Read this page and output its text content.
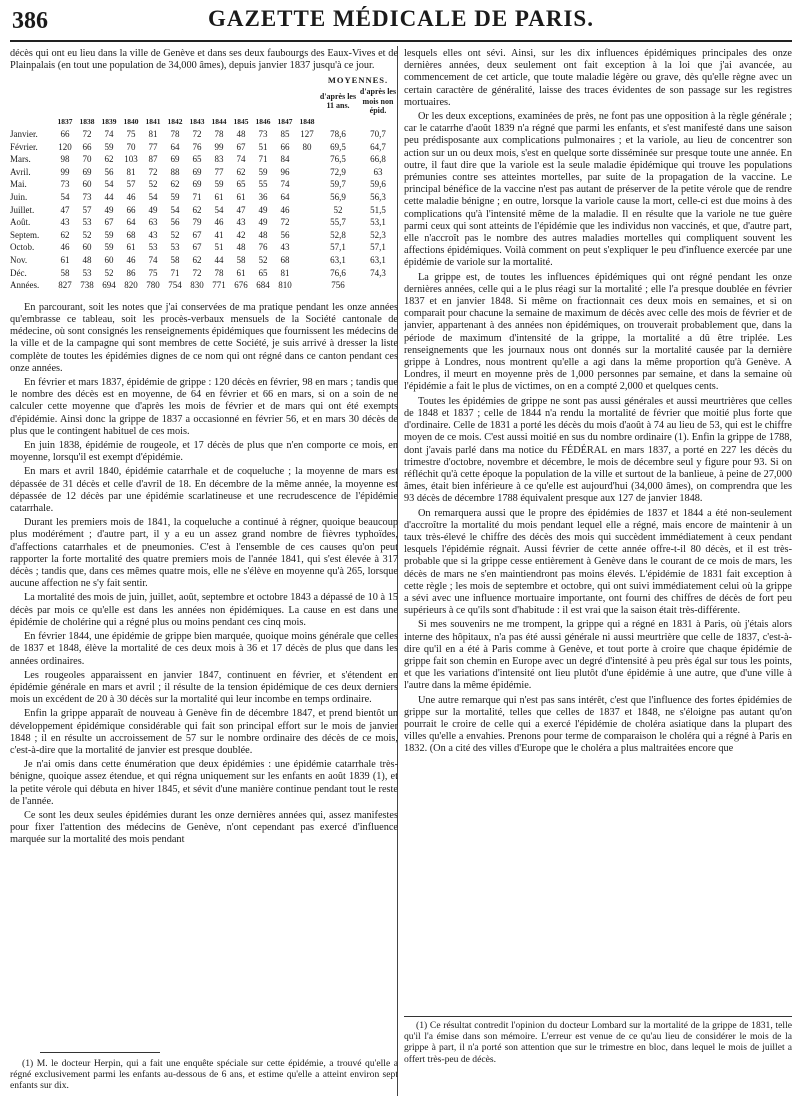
386	GAZETTE MÉDICALE DE PARIS.

décès qui ont eu lieu dans la ville de Genève et dans ses deux faubourgs des Eaux-Vives et de Plainpalais (en tout une population de 34,000 âmes), depuis janvier 1837 jusqu'à ce jour.

													MOYENNES.	
													d'après les 11 ans.	d'après les mois non épid.
	1837	1838	1839	1840	1841	1842	1843	1844	1845	1846	1847	1848		
Janvier.	66	72	74	75	81	78	72	78	48	73	85	127	78,6	70,7
Février.	120	66	59	70	77	64	76	99	67	51	66	80	69,5	64,7
Mars.	98	70	62	103	87	69	65	83	74	71	84		76,5	66,8
Avril.	99	69	56	81	72	88	69	77	62	59	96		72,9	63
Mai.	73	60	54	57	52	62	69	59	65	55	74		59,7	59,6
Juin.	54	73	44	46	54	59	71	61	61	36	64		56,9	56,3
Juillet.	47	57	49	66	49	54	62	54	47	49	46		52	51,5
Août.	43	53	67	64	63	56	79	46	43	49	72		55,7	53,1
Septem.	62	52	59	68	43	52	67	41	42	48	56		52,8	52,3
Octob.	46	60	59	61	53	53	67	51	48	76	43		57,1	57,1
Nov.	61	48	60	46	74	58	62	44	58	52	68		63,1	63,1
Déc.	58	53	52	86	75	71	72	78	61	65	81		76,6	74,3
Années.	827	738	694	820	780	754	830	771	676	684	810		756	

En parcourant, soit les notes que j'ai conservées de ma pratique pendant les onze années qu'embrasse ce tableau, soit les procès-verbaux mensuels de la Société cantonale de médecine, où sont consignés les renseignements épidémiques que fournissent les médecins de la ville et de la campagne qui sont membres de cette Société, je suis arrivé à dresser la liste complète de toutes les épidémies dignes de ce nom qui ont régné dans ce canton pendant ces onze années.

En février et mars 1837, épidémie de grippe : 120 décès en février, 98 en mars ; tandis que le nombre des décès est en moyenne, de 64 en février et 66 en mars, si on a soin de ne calculer cette moyenne que d'après les mois de février et de mars qui ont été exempts d'épidémie. Ainsi donc la grippe de 1837 a occasionné en février 56, et en mars 30 décès de plus que le contingent habituel de ces mois.

En juin 1838, épidémie de rougeole, et 17 décès de plus que n'en comporte ce mois, en moyenne, lorsqu'il est exempt d'épidémie.

En mars et avril 1840, épidémie catarrhale et de coqueluche ; la moyenne de mars est dépassée de 31 décès et celle d'avril de 18. En décembre de la même année, la moyenne est dépassée de 12 décès par une épidémie scarlatineuse et une recrudescence de l'épidémie catarrhale.

Durant les premiers mois de 1841, la coqueluche a continué à régner, quoique beaucoup plus modérément ; d'autre part, il y a eu un assez grand nombre de fièvres typhoïdes, d'affections catarrhales et de pneumonies. C'est à l'ensemble de ces causes qu'on peut rapporter la forte mortalité des quatre premiers mois de l'année 1841, qui s'est élevée à 317 décès ; tandis que, dans ces mêmes quatre mois, elle ne s'élève en moyenne qu'à 265, lorsque aucune affection ne s'y fait sentir.

La mortalité des mois de juin, juillet, août, septembre et octobre 1843 a dépassé de 10 à 15 décès par mois ce qu'elle est dans les années non épidémiques. La cause en est dans une épidémie de cholérine qui a régné plus ou moins pendant ces cinq mois.

En février 1844, une épidémie de grippe bien marquée, quoique moins générale que celles de 1837 et 1848, élève la mortalité de ces deux mois à 36 et 17 décès de plus que dans les années ordinaires.

Les rougeoles apparaissent en janvier 1847, continuent en février, et s'étendent en épidémie générale en mars et avril ; il résulte de la tension épidémique de ces deux derniers mois un excédent de 20 à 30 décès sur la mortalité qui leur incombe en temps ordinaire.

Enfin la grippe apparaît de nouveau à Genève fin de décembre 1847, et prend bientôt un développement épidémique considérable qui fait son principal effort sur le mois de janvier 1848 ; il en résulte un accroissement de 57 sur le nombre ordinaire des décès de ce mois, c'est-à-dire que la mortalité de janvier est presque doublée.

Je n'ai omis dans cette énumération que deux épidémies : une épidémie catarrhale très-bénigne, quoique assez étendue, et qui régna uniquement sur les enfants en août 1839 (1), et la petite vérole qui débuta en hiver 1845, et sévit d'une manière continue pendant tout le reste de l'année.

Ce sont les deux seules épidémies durant les onze dernières années qui, assez manifestes pour fixer l'attention des médecins de Genève, n'ont cependant pas exercé d'influence marquée sur la mortalité des mois pendant

lesquels elles ont sévi. Ainsi, sur les dix influences épidémiques principales des onze dernières années, deux seulement ont fait exception à la loi que j'ai avancée, au commencement de cet article, que toute maladie légère ou grave, dès qu'elle règne avec un certain caractère de généralité, laisse des traces évidentes de son passage sur les registres mortuaires.

Or les deux exceptions, examinées de près, ne font pas une opposition à la règle générale ; car le catarrhe d'août 1839 n'a régné que parmi les enfants, et s'est manifesté dans une saison peu prédisposante aux complications pulmonaires ; et la variole, au lieu de concentrer son action sur un ou deux mois, s'est en quelque sorte disséminée sur presque toute une année. En outre, il faut dire que la variole est la seule maladie épidémique qui trouve les populations prémunies contre ses atteintes mortelles, par suite de la propagation de la vaccine. Le principal bénéfice de la vaccine n'est pas autant de préserver de la petite vérole que de rendre cette maladie bénigne ; en outre, lorsque la variole cause la mort, celle-ci est due moins à des complications qu'à l'intensité même de la maladie. Il en résulte que la variole ne tue guère parmi ceux qui sont atteints de l'épidémie que les individus non vaccinés, et que, d'autre part, elle n'accroît pas le nombre des autres maladies mortelles qui compliquent souvent les affections épidémiques. Voilà comment on peut s'expliquer le peu d'influence exercée par une épidémie de variole sur la mortalité.

La grippe est, de toutes les influences épidémiques qui ont régné pendant les onze dernières années, celle qui a le plus réagi sur la mortalité ; elle l'a presque doublée en février 1837 et en janvier 1848. Si même on fractionnait ces deux mois en semaines, et si on comparait pour chacune la semaine de maximum de décès avec celle des mois de février et de janvier, appartenant à des années non épidémiques, on trouverait probablement que, dans la période de maximum d'intensité de la grippe, la mortalité a dû être triplée. Les renseignements que les journaux nous ont donnés sur la mortalité causée par la dernière grippe à Londres, nous montrent qu'elle a agi dans la même proportion qu'à Genève. A Londres, il meurt en moyenne près de 1,000 personnes par semaine, et dans la semaine où l'épidémie a fait le plus de victimes, on en a compté 2,000 et quelques cents.

Toutes les épidémies de grippe ne sont pas aussi générales et aussi meurtrières que celles de 1848 et 1837 ; celle de 1844 n'a rendu la mortalité de février que moitié plus forte que d'ordinaire. Celle de 1831 a porté les décès du mois d'août à 74 au lieu de 53, qui est le chiffre moyen de ce mois. C'est aussi moitié en sus du nombre ordinaire (1). Enfin la grippe de 1788, dont j'avais parlé dans ma notice du FÉDÉRAL en mars 1837, a porté en 227 les décès du trimestre d'octobre, novembre et décembre, le mois de décembre seul y figure pour 93. Si on réfléchit qu'à cette époque la population de la ville et surtout de la banlieue, à peine de 27,000 âmes, était bien inférieure à ce qu'elle est aujourd'hui (34,000 âmes), on comprendra que les 93 décès de décembre 1788 équivalent presque aux 127 de janvier 1848.

On remarquera aussi que le propre des épidémies de 1837 et 1844 a été non-seulement d'accroître la mortalité du mois pendant lequel elle a régné, mais encore de maintenir à un taux très-élevé le chiffre des décès des mois qui succèdent immédiatement à ceux pendant lesquels l'épidémie régnait. Aussi février de cette année offre-t-il 80 décès, et il est très-probable que si la grippe cesse entièrement à Genève dans le courant de ce mois de mars, les décès de mars ne s'en maintiendront pas moins élevés. L'épidémie de 1831 fait exception à cette règle ; les mois de septembre et octobre, qui ont suivi immédiatement celui où la grippe a sévi avec une influence mortuaire importante, ont fourni des chiffres de décès de fort peu supérieurs à ce qu'ils sont d'habitude : il est vrai que la saison était très-différente.

Si mes souvenirs ne me trompent, la grippe qui a régné en 1831 à Paris, où j'étais alors interne des hôpitaux, n'a pas été aussi générale ni aussi meurtrière que celle de 1837, c'est-à-dire qu'il en a été à Paris comme à Genève, et tout porte à croire que chaque épidémie de grippe fait son chemin en Europe avec un degré d'intensité à peu près égal sur tous les points, et que les variations d'intensité ont lieu plutôt d'une épidémie à une autre, que d'une ville à l'autre dans la même épidémie.

Une autre remarque qui n'est pas sans intérêt, c'est que l'influence des fortes épidémies de grippe sur la mortalité, telles que celles de 1837 et 1848, ne s'éloigne pas autant qu'on pourrait le croire de celle qui a exercé l'épidémie de choléra asiatique dans la plupart des villes qu'elle a envahies. Prenons pour terme de comparaison le choléra qui a régné à Paris en 1832. (On a cité des villes d'Europe que le choléra a plus maltraitées encore que

(1) M. le docteur Herpin, qui a fait une enquête spéciale sur cette épidémie, a trouvé qu'elle a régné exclusivement parmi les enfants au-dessous de 6 ans, et estime qu'elle a atteint environ sept enfants sur dix.

(1) Ce résultat contredit l'opinion du docteur Lombard sur la mortalité de la grippe de 1831, telle qu'il l'a émise dans son mémoire. L'erreur est venue de ce qu'au lieu de considérer le mois de la grippe à part, il n'a porté son attention que sur le trimestre en bloc, dans lequel le mois de juillet a offert très-peu de décès.
